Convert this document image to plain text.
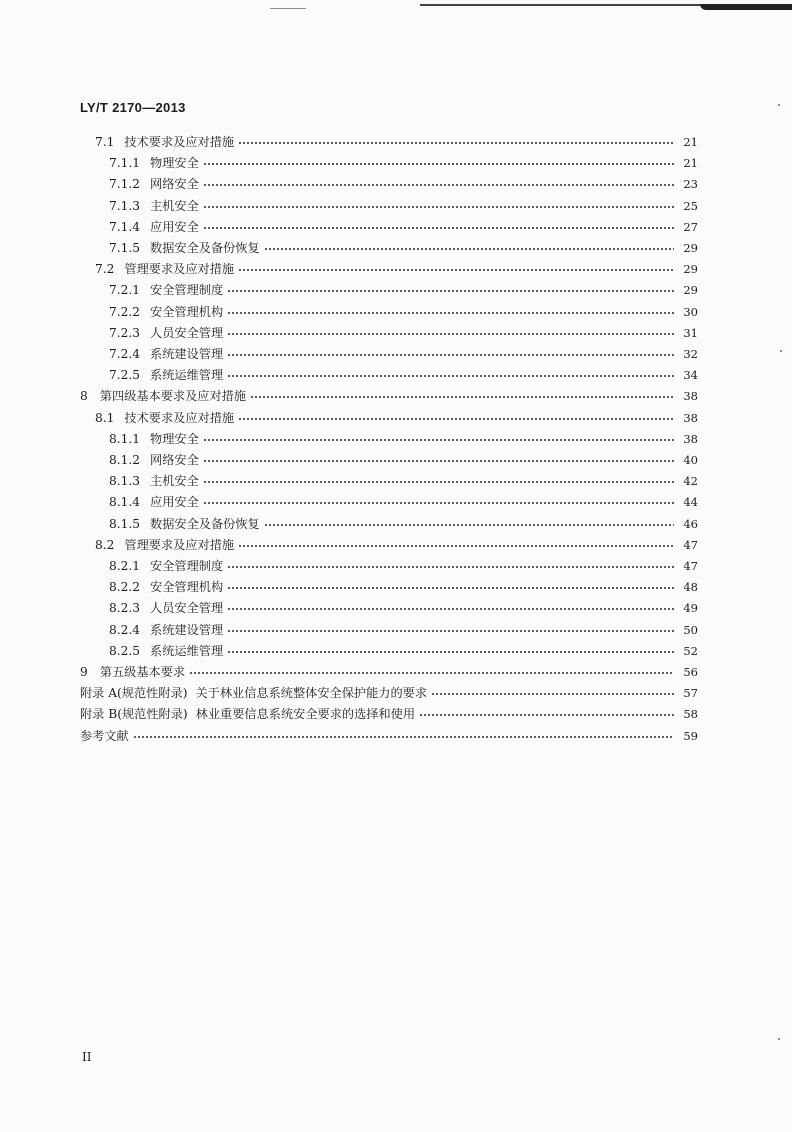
LY/T 2170—2013
7.1 技术要求及应对措施	21
7.1.1 物理安全	21
7.1.2 网络安全	23
7.1.3 主机安全	25
7.1.4 应用安全	27
7.1.5 数据安全及备份恢复	29
7.2 管理要求及应对措施	29
7.2.1 安全管理制度	29
7.2.2 安全管理机构	30
7.2.3 人员安全管理	31
7.2.4 系统建设管理	32
7.2.5 系统运维管理	34
8 第四级基本要求及应对措施	38
8.1 技术要求及应对措施	38
8.1.1 物理安全	38
8.1.2 网络安全	40
8.1.3 主机安全	42
8.1.4 应用安全	44
8.1.5 数据安全及备份恢复	46
8.2 管理要求及应对措施	47
8.2.1 安全管理制度	47
8.2.2 安全管理机构	48
8.2.3 人员安全管理	49
8.2.4 系统建设管理	50
8.2.5 系统运维管理	52
9 第五级基本要求	56
附录 A(规范性附录) 关于林业信息系统整体安全保护能力的要求	57
附录 B(规范性附录) 林业重要信息系统安全要求的选择和使用	58
参考文献	59
II
